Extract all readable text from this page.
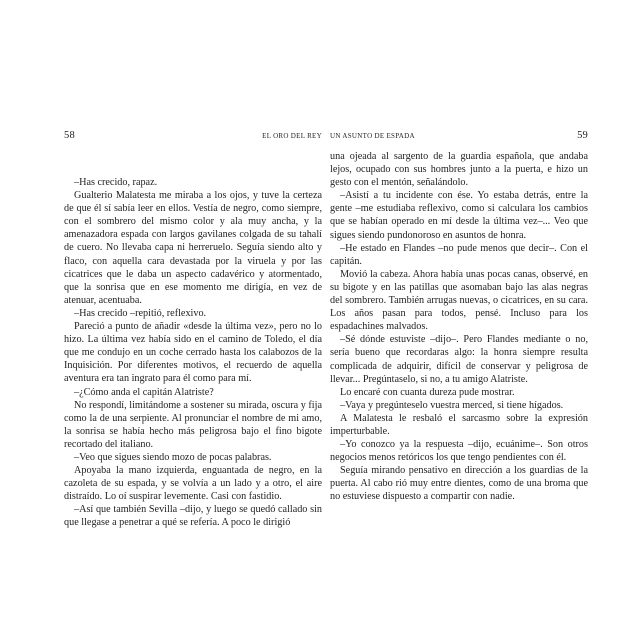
58	EL ORO DEL REY

–Has crecido, rapaz.

Gualterio Malatesta me miraba a los ojos, y tuve la certeza de que él sí sabía leer en ellos. Vestía de negro, como siempre, con el sombrero del mismo color y ala muy ancha, y la amenazadora espada con largos gavilanes colgada de su tahalí de cuero. No llevaba capa ni herreruelo. Seguía siendo alto y flaco, con aquella cara devastada por la viruela y por las cicatrices que le daba un aspecto cadavérico y atormentado, que la sonrisa que en ese momento me dirigía, en vez de atenuar, acentuaba.

–Has crecido –repitió, reflexivo.

Pareció a punto de añadir «desde la última vez», pero no lo hizo. La última vez había sido en el camino de Toledo, el día que me condujo en un coche cerrado hasta los calabozos de la Inquisición. Por diferentes motivos, el recuerdo de aquella aventura era tan ingrato para él como para mí.

–¿Cómo anda el capitán Alatriste?

No respondí, limitándome a sostener su mirada, oscura y fija como la de una serpiente. Al pronunciar el nombre de mi amo, la sonrisa se había hecho más peligrosa bajo el fino bigote recortado del italiano.

–Veo que sigues siendo mozo de pocas palabras.

Apoyaba la mano izquierda, enguantada de negro, en la cazoleta de su espada, y se volvía a un lado y a otro, el aire distraído. Lo oí suspirar levemente. Casi con fastidio.

–Así que también Sevilla –dijo, y luego se quedó callado sin que llegase a penetrar a qué se refería. A poco le dirigió

UN ASUNTO DE ESPADA	59

una ojeada al sargento de la guardia española, que andaba lejos, ocupado con sus hombres junto a la puerta, e hizo un gesto con el mentón, señalándolo.

–Asistí a tu incidente con ése. Yo estaba detrás, entre la gente –me estudiaba reflexivo, como si calculara los cambios que se habían operado en mí desde la última vez–... Veo que sigues siendo pundonoroso en asuntos de honra.

–He estado en Flandes –no pude menos que decir–. Con el capitán.

Movió la cabeza. Ahora había unas pocas canas, observé, en su bigote y en las patillas que asomaban bajo las alas negras del sombrero. También arrugas nuevas, o cicatrices, en su cara. Los años pasan para todos, pensé. Incluso para los espadachines malvados.

–Sé dónde estuviste –dijo–. Pero Flandes mediante o no, sería bueno que recordaras algo: la honra siempre resulta complicada de adquirir, difícil de conservar y peligrosa de llevar... Pregúntaselo, si no, a tu amigo Alatriste.

Lo encaré con cuanta dureza pude mostrar.

–Vaya y pregúnteselo vuestra merced, si tiene hígados.

A Malatesta le resbaló el sarcasmo sobre la expresión imperturbable.

–Yo conozco ya la respuesta –dijo, ecuánime–. Son otros negocios menos retóricos los que tengo pendientes con él.

Seguía mirando pensativo en dirección a los guardias de la puerta. Al cabo rió muy entre dientes, como de una broma que no estuviese dispuesto a compartir con nadie.
